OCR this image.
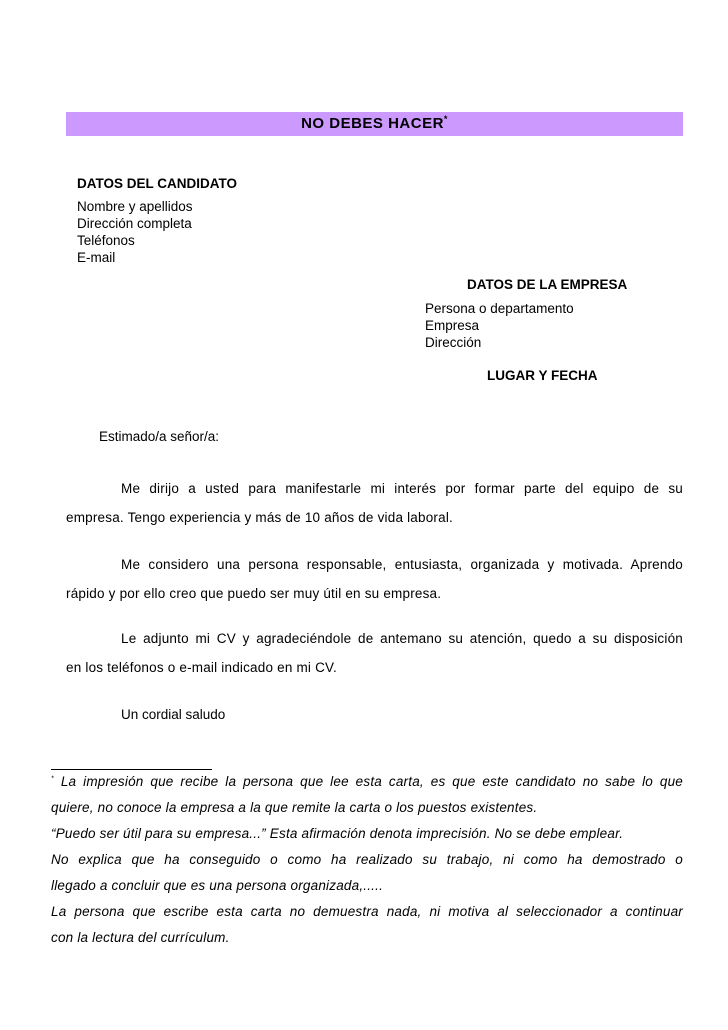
NO DEBES HACER*
DATOS DEL CANDIDATO
Nombre y apellidos
Dirección completa
Teléfonos
E-mail
DATOS DE LA EMPRESA
Persona o departamento
Empresa
Dirección
LUGAR Y FECHA
Estimado/a señor/a:
Me dirijo a usted para manifestarle mi interés por formar parte del equipo de su
empresa. Tengo experiencia y más de 10 años de vida laboral.
Me considero una persona responsable, entusiasta, organizada y motivada. Aprendo
rápido y por ello creo que puedo ser muy útil en su empresa.
Le adjunto mi CV y agradeciéndole de antemano su atención, quedo a su disposición
en los teléfonos o e-mail indicado en mi CV.
Un cordial saludo
* La impresión que recibe la persona que lee esta carta, es que este candidato no sabe lo que
quiere, no conoce la empresa a la que remite la carta o los puestos existentes.
“Puedo ser útil para su empresa...” Esta afirmación denota imprecisión. No se debe emplear.
No explica que ha conseguido o como ha realizado su trabajo, ni como ha demostrado o
llegado a concluir que es una persona organizada,.....
La persona que escribe esta carta no demuestra nada, ni motiva al seleccionador a continuar
con la lectura del currículum.
